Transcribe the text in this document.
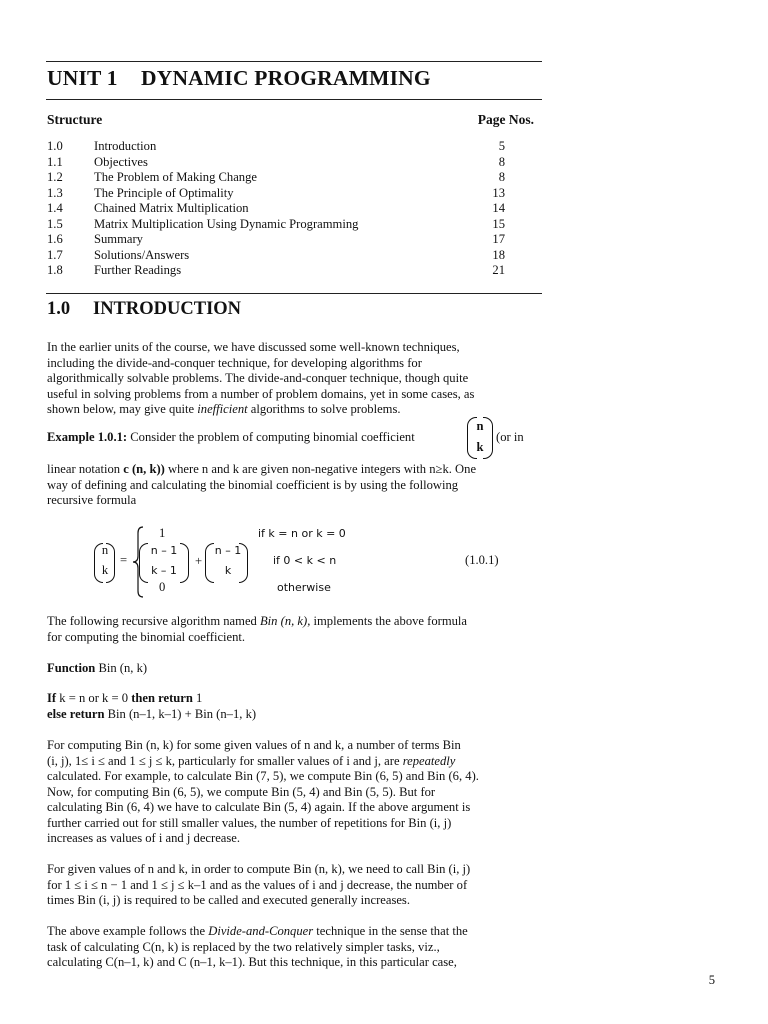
UNIT 1 DYNAMIC PROGRAMMING
Structure	Page Nos.
1.0 Introduction	5
1.1 Objectives	8
1.2 The Problem of Making Change	8
1.3 The Principle of Optimality	13
1.4 Chained Matrix Multiplication	14
1.5 Matrix Multiplication Using Dynamic Programming	15
1.6 Summary	17
1.7 Solutions/Answers	18
1.8 Further Readings	21
1.0 INTRODUCTION

In the earlier units of the course, we have discussed some well-known techniques,

including the divide-and-conquer technique, for developing algorithms for

algorithmically solvable problems. The divide-and-conquer technique, though quite

useful in solving problems from a number of problem domains, yet in some cases, as

shown below, may give quite inefficient algorithms to solve problems.

Example 1.0.1: Consider the problem of computing binomial coefficient
n
k
(or in

linear notation c (n, k)) where n and k are given non-negative integers with n≥k. One

way of defining and calculating the binomial coefficient is by using the following

recursive formula

n
k
=
1
n – 1
k – 1
+
n – 1
k
0
if k = n or k = 0
if 0 < k < n
otherwise
(1.0.1)

The following recursive algorithm named Bin (n, k), implements the above formula

for computing the binomial coefficient.

Function Bin (n, k)

If k = n or k = 0 then return 1

else return Bin (n–1, k–1) + Bin (n–1, k)

For computing Bin (n, k) for some given values of n and k, a number of terms Bin

(i, j), 1≤ i ≤ and 1 ≤ j ≤ k, particularly for smaller values of i and j, are repeatedly

calculated. For example, to calculate Bin (7, 5), we compute Bin (6, 5) and Bin (6, 4).

Now, for computing Bin (6, 5), we compute Bin (5, 4) and Bin (5, 5). But for

calculating Bin (6, 4) we have to calculate Bin (5, 4) again. If the above argument is

further carried out for still smaller values, the number of repetitions for Bin (i, j)

increases as values of i and j decrease.

For given values of n and k, in order to compute Bin (n, k), we need to call Bin (i, j)

for 1 ≤ i ≤ n − 1 and 1 ≤ j ≤ k–1 and as the values of i and j decrease, the number of

times Bin (i, j) is required to be called and executed generally increases.

The above example follows the Divide-and-Conquer technique in the sense that the

task of calculating C(n, k) is replaced by the two relatively simpler tasks, viz.,

calculating C(n–1, k) and C (n–1, k–1). But this technique, in this particular case,

5
